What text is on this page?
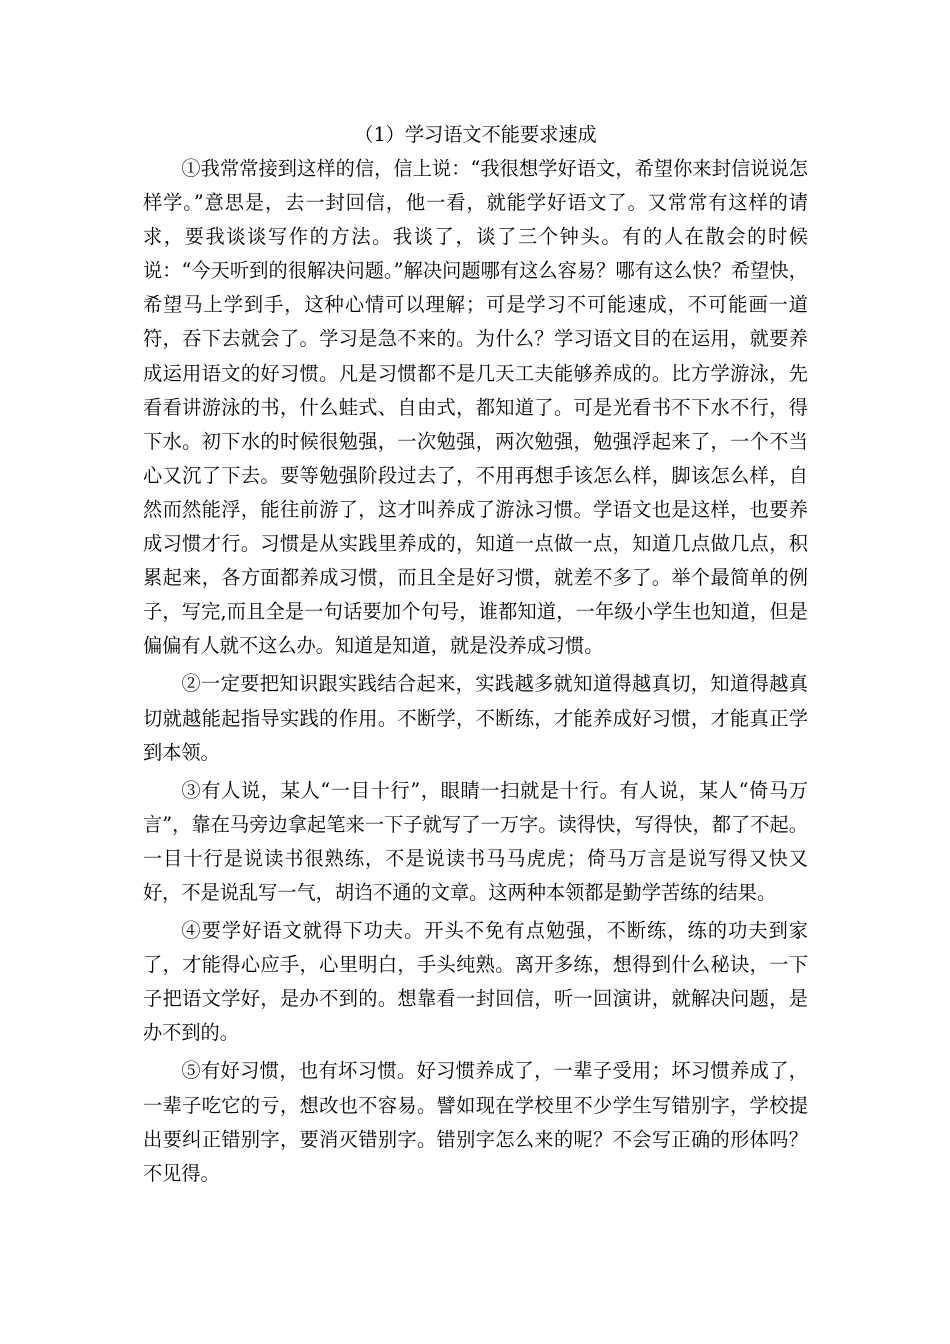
（1）学习语文不能要求速成

①我常常接到这样的信，信上说：“我很想学好语文，希望你来封信说说怎样学。”意思是，去一封回信，他一看，就能学好语文了。又常常有这样的请求，要我谈谈写作的方法。我谈了，谈了三个钟头。有的人在散会的时候说：“今天听到的很解决问题。”解决问题哪有这么容易？哪有这么快？希望快，希望马上学到手，这种心情可以理解；可是学习不可能速成，不可能画一道符，吞下去就会了。学习是急不来的。为什么？学习语文目的在运用，就要养成运用语文的好习惯。凡是习惯都不是几天工夫能够养成的。比方学游泳，先看看讲游泳的书，什么蛙式、自由式，都知道了。可是光看书不下水不行，得下水。初下水的时候很勉强，一次勉强，两次勉强，勉强浮起来了，一个不当心又沉了下去。要等勉强阶段过去了，不用再想手该怎么样，脚该怎么样，自然而然能浮，能往前游了，这才叫养成了游泳习惯。学语文也是这样，也要养成习惯才行。习惯是从实践里养成的，知道一点做一点，知道几点做几点，积累起来，各方面都养成习惯，而且全是好习惯，就差不多了。举个最简单的例子，写完,而且全是一句话要加个句号，谁都知道，一年级小学生也知道，但是偏偏有人就不这么办。知道是知道，就是没养成习惯。

②一定要把知识跟实践结合起来，实践越多就知道得越真切，知道得越真切就越能起指导实践的作用。不断学，不断练，才能养成好习惯，才能真正学到本领。

③有人说，某人“一目十行”，眼睛一扫就是十行。有人说，某人“倚马万言”，靠在马旁边拿起笔来一下子就写了一万字。读得快，写得快，都了不起。一目十行是说读书很熟练，不是说读书马马虎虎；倚马万言是说写得又快又好，不是说乱写一气，胡诌不通的文章。这两种本领都是勤学苦练的结果。

④要学好语文就得下功夫。开头不免有点勉强，不断练，练的功夫到家了，才能得心应手，心里明白，手头纯熟。离开多练，想得到什么秘诀，一下子把语文学好，是办不到的。想靠看一封回信，听一回演讲，就解决问题，是办不到的。

⑤有好习惯，也有坏习惯。好习惯养成了，一辈子受用；坏习惯养成了，一辈子吃它的亏，想改也不容易。譬如现在学校里不少学生写错别字，学校提出要纠正错别字，要消灭错别字。错别字怎么来的呢？不会写正确的形体吗？不见得。
